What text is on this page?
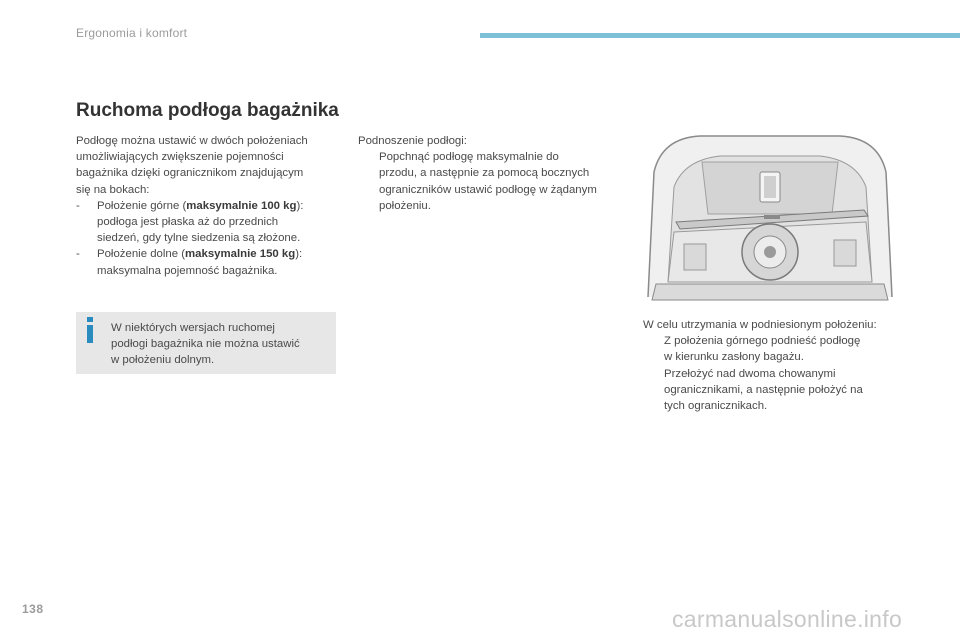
Ergonomia i komfort
Ruchoma podłoga bagażnika

Podłogę można ustawić w dwóch położeniach

umożliwiających zwiększenie pojemności

bagażnika dzięki ogranicznikom znajdującym

się na bokach:

- Położenie górne (maksymalnie 100 kg):

podłoga jest płaska aż do przednich

siedzeń, gdy tylne siedzenia są złożone.

- Położenie dolne (maksymalnie 150 kg):

maksymalna pojemność bagażnika.

W niektórych wersjach ruchomej

podłogi bagażnika nie można ustawić

w położeniu dolnym.

Podnoszenie podłogi:

Popchnąć podłogę maksymalnie do

przodu, a następnie za pomocą bocznych

ograniczników ustawić podłogę w żądanym

położeniu.

W celu utrzymania w podniesionym położeniu:

Z położenia górnego podnieść podłogę

w kierunku zasłony bagażu.

Przełożyć nad dwoma chowanymi

ogranicznikami, a następnie położyć na

tych ogranicznikach.

138	carmanualsonline.info
